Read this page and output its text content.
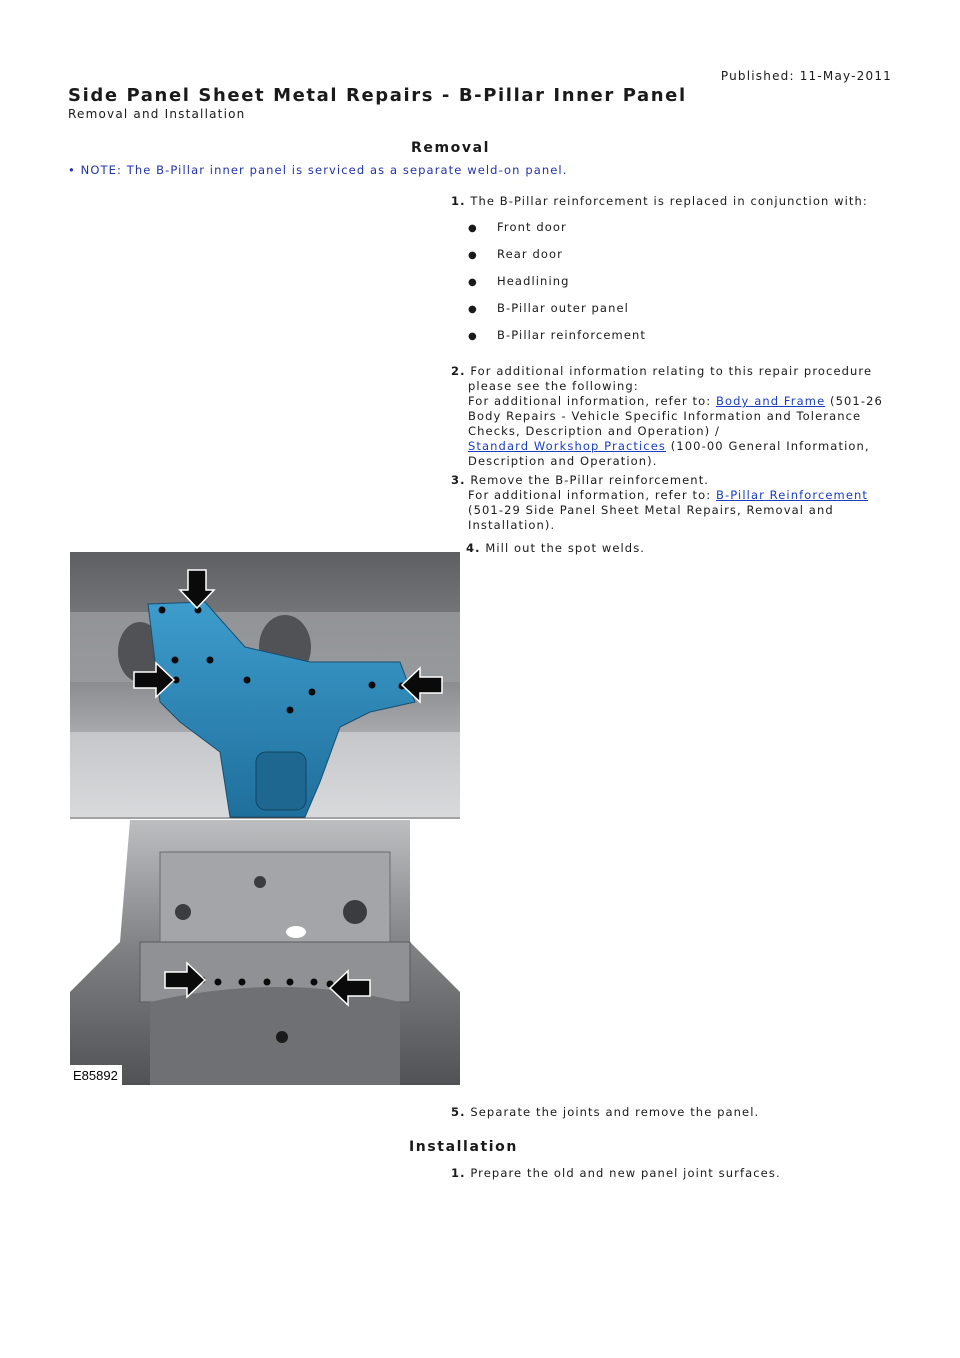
Published: 11-May-2011
Side Panel Sheet Metal Repairs - B-Pillar Inner Panel
Removal and Installation
Removal
• NOTE: The B-Pillar inner panel is serviced as a separate weld-on panel.
1. The B-Pillar reinforcement is replaced in conjunction with:
● Front door
● Rear door
● Headlining
● B-Pillar outer panel
● B-Pillar reinforcement
2. For additional information relating to this repair procedure
please see the following:
For additional information, refer to: Body and Frame (501-26
Body Repairs - Vehicle Specific Information and Tolerance
Checks, Description and Operation) /
Standard Workshop Practices (100-00 General Information,
Description and Operation).
3. Remove the B-Pillar reinforcement.
For additional information, refer to: B-Pillar Reinforcement
(501-29 Side Panel Sheet Metal Repairs, Removal and
Installation).
4. Mill out the spot welds.
E85892
5. Separate the joints and remove the panel.
Installation
1. Prepare the old and new panel joint surfaces.
